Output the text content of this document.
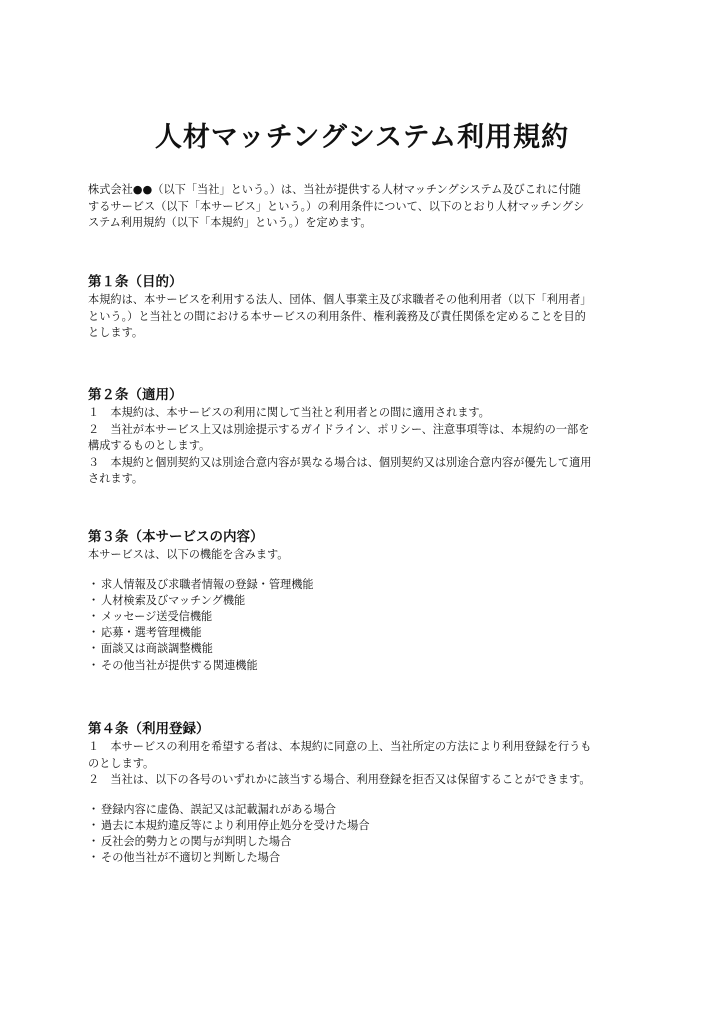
人材マッチングシステム利用規約

株式会社●●（以下「当社」という。）は、当社が提供する人材マッチングシステム及びこれに付随

するサービス（以下「本サービス」という。）の利用条件について、以下のとおり人材マッチングシ

ステム利用規約（以下「本規約」という。）を定めます。

第１条（目的）

本規約は、本サービスを利用する法人、団体、個人事業主及び求職者その他利用者（以下「利用者」

という。）と当社との間における本サービスの利用条件、権利義務及び責任関係を定めることを目的

とします。

第２条（適用）

１　本規約は、本サービスの利用に関して当社と利用者との間に適用されます。

２　当社が本サービス上又は別途提示するガイドライン、ポリシー、注意事項等は、本規約の一部を

構成するものとします。

３　本規約と個別契約又は別途合意内容が異なる場合は、個別契約又は別途合意内容が優先して適用

されます。

第３条（本サービスの内容）

本サービスは、以下の機能を含みます。

・ 求人情報及び求職者情報の登録・管理機能
・ 人材検索及びマッチング機能
・ メッセージ送受信機能
・ 応募・選考管理機能
・ 面談又は商談調整機能
・ その他当社が提供する関連機能
第４条（利用登録）

１　本サービスの利用を希望する者は、本規約に同意の上、当社所定の方法により利用登録を行うも

のとします。

２　当社は、以下の各号のいずれかに該当する場合、利用登録を拒否又は保留することができます。

・ 登録内容に虚偽、誤記又は記載漏れがある場合
・ 過去に本規約違反等により利用停止処分を受けた場合
・ 反社会的勢力との関与が判明した場合
・ その他当社が不適切と判断した場合
